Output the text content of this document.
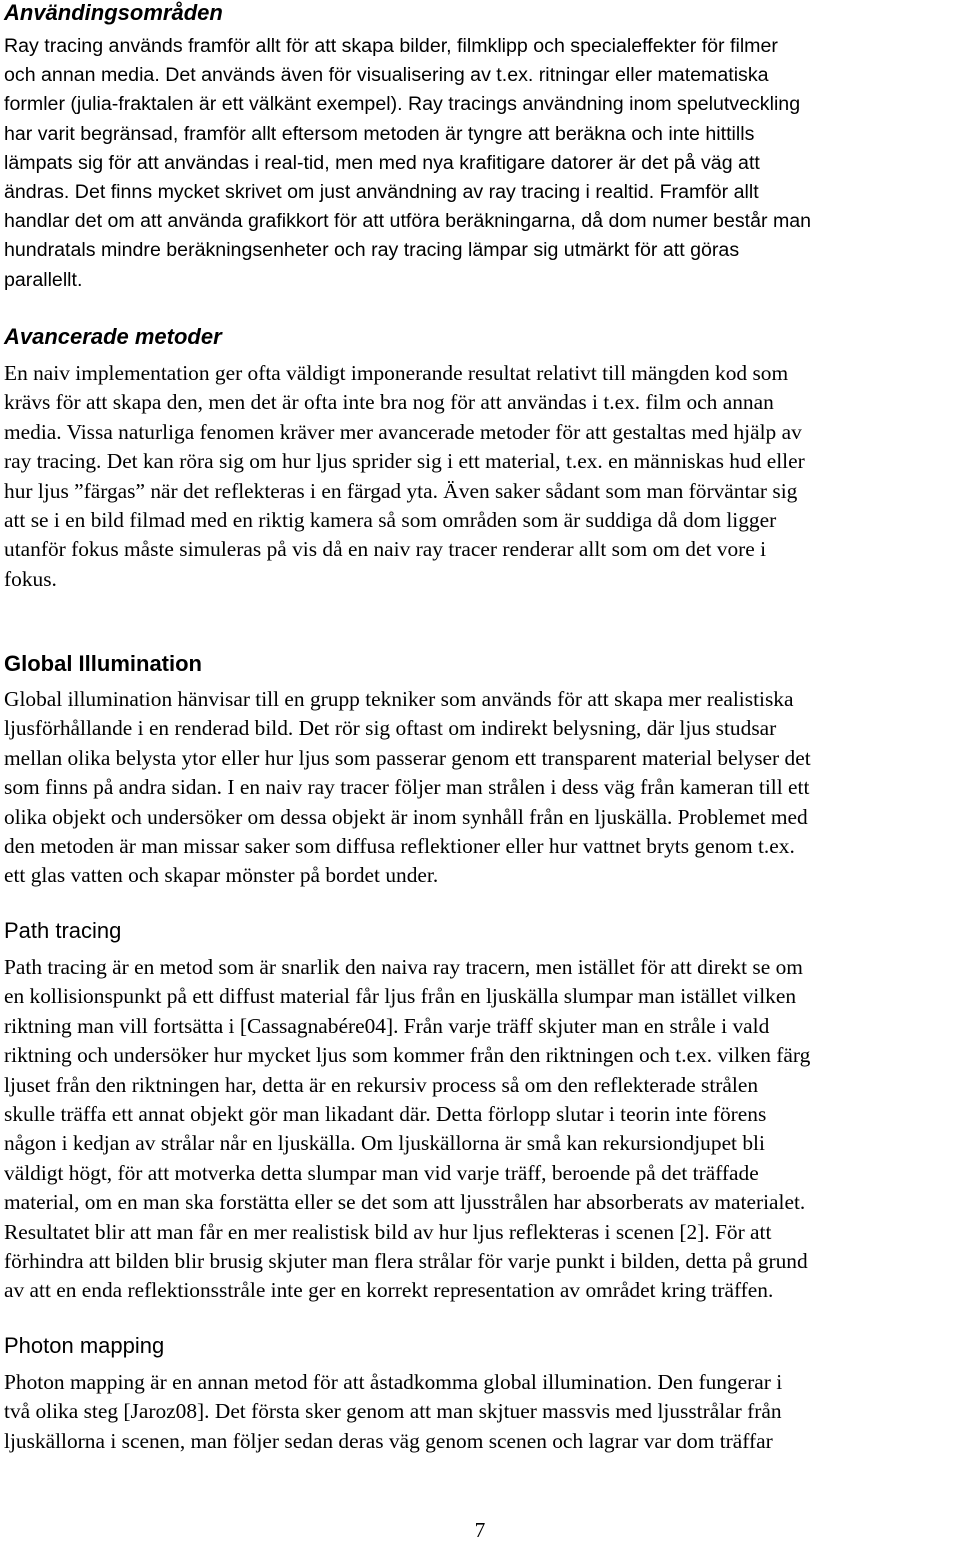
Användingsområden
Ray tracing används framför allt för att skapa bilder, filmklipp och specialeffekter för filmer
och annan media. Det används även för visualisering av t.ex. ritningar eller matematiska
formler (julia-fraktalen är ett välkänt exempel). Ray tracings användning inom spelutveckling
har varit begränsad, framför allt eftersom metoden är tyngre att beräkna och inte hittills
lämpats sig för att användas i real-tid, men med nya krafitigare datorer är det på väg att
ändras. Det finns mycket skrivet om just användning av ray tracing i realtid. Framför allt
handlar det om att använda grafikkort för att utföra beräkningarna, då dom numer består man
hundratals mindre beräkningsenheter och ray tracing lämpar sig utmärkt för att göras
parallellt.
Avancerade metoder
En naiv implementation ger ofta väldigt imponerande resultat relativt till mängden kod som
krävs för att skapa den, men det är ofta inte bra nog för att användas i t.ex. film och annan
media. Vissa naturliga fenomen kräver mer avancerade metoder för att gestaltas med hjälp av
ray tracing. Det kan röra sig om hur ljus sprider sig i ett material, t.ex. en människas hud eller
hur ljus ”färgas” när det reflekteras i en färgad yta. Även saker sådant som man förväntar sig
att se i en bild filmad med en riktig kamera så som områden som är suddiga då dom ligger
utanför fokus måste simuleras på vis då en naiv ray tracer renderar allt som om det vore i
fokus.
Global Illumination
Global illumination hänvisar till en grupp tekniker som används för att skapa mer realistiska
ljusförhållande i en renderad bild. Det rör sig oftast om indirekt belysning, där ljus studsar
mellan olika belysta ytor eller hur ljus som passerar genom ett transparent material belyser det
som finns på andra sidan. I en naiv ray tracer följer man strålen i dess väg från kameran till ett
olika objekt och undersöker om dessa objekt är inom synhåll från en ljuskälla. Problemet med
den metoden är man missar saker som diffusa reflektioner eller hur vattnet bryts genom t.ex.
ett glas vatten och skapar mönster på bordet under.
Path tracing
Path tracing är en metod som är snarlik den naiva ray tracern, men istället för att direkt se om
en kollisionspunkt på ett diffust material får ljus från en ljuskälla slumpar man istället vilken
riktning man vill fortsätta i [Cassagnabére04]. Från varje träff skjuter man en stråle i vald
riktning och undersöker hur mycket ljus som kommer från den riktningen och t.ex. vilken färg
ljuset från den riktningen har, detta är en rekursiv process så om den reflekterade strålen
skulle träffa ett annat objekt gör man likadant där. Detta förlopp slutar i teorin inte förens
någon i kedjan av strålar når en ljuskälla. Om ljuskällorna är små kan rekursiondjupet bli
väldigt högt, för att motverka detta slumpar man vid varje träff, beroende på det träffade
material, om en man ska forstätta eller se det som att ljusstrålen har absorberats av materialet.
Resultatet blir att man får en mer realistisk bild av hur ljus reflekteras i scenen [2]. För att
förhindra att bilden blir brusig skjuter man flera strålar för varje punkt i bilden, detta på grund
av att en enda reflektionsstråle inte ger en korrekt representation av området kring träffen.
Photon mapping
Photon mapping är en annan metod för att åstadkomma global illumination. Den fungerar i
två olika steg [Jaroz08]. Det första sker genom att man skjtuer massvis med ljusstrålar från
ljuskällorna i scenen, man följer sedan deras väg genom scenen och lagrar var dom träffar
7
